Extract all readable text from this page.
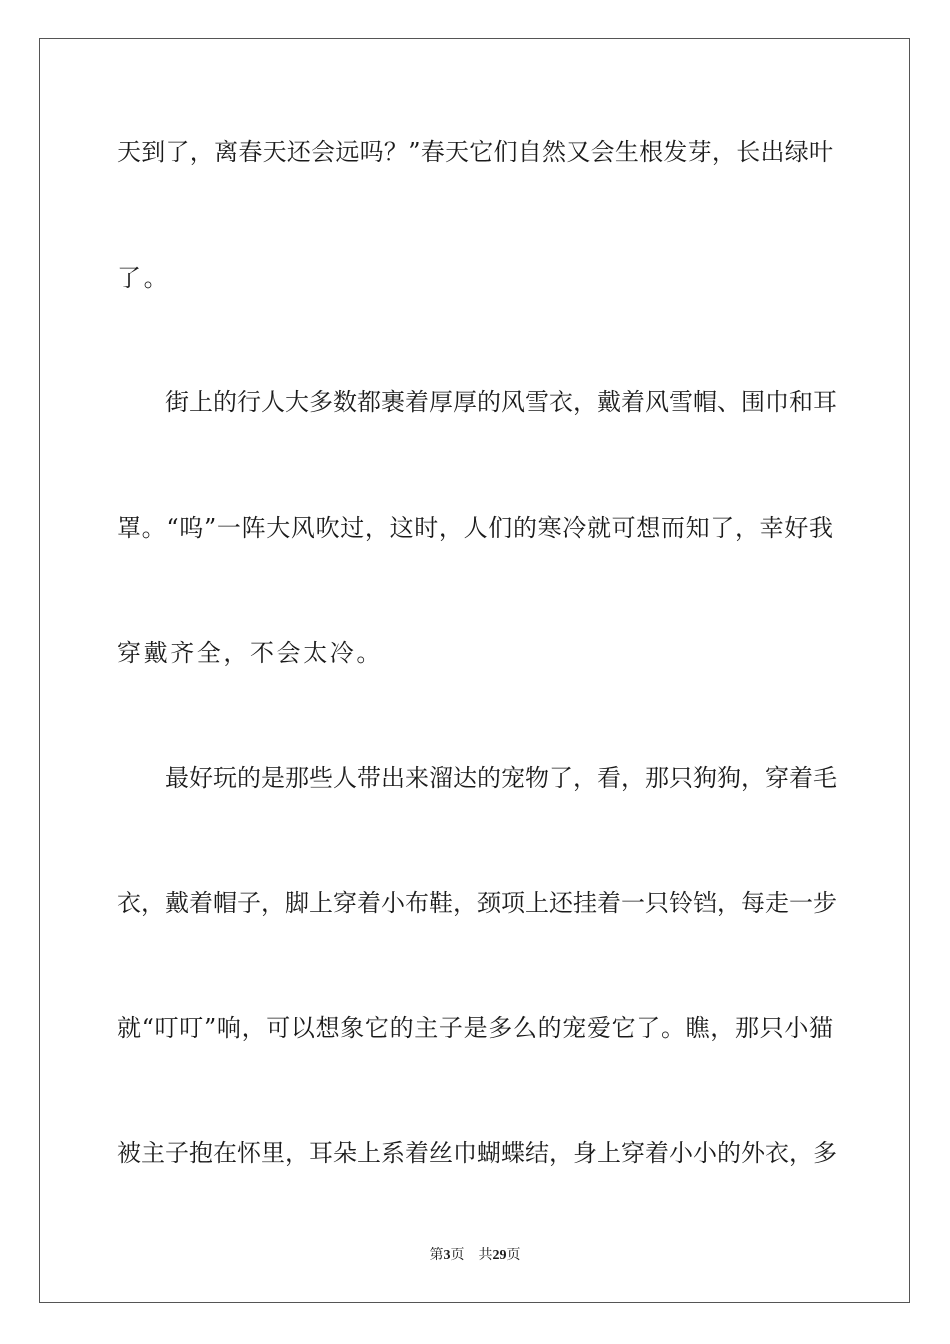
天到了，离春天还会远吗？”春天它们自然又会生根发芽，长出绿叶
了。
街上的行人大多数都裹着厚厚的风雪衣，戴着风雪帽、围巾和耳
罩。“呜”一阵大风吹过，这时，人们的寒冷就可想而知了，幸好我
穿戴齐全，不会太冷。
最好玩的是那些人带出来溜达的宠物了，看，那只狗狗，穿着毛
衣，戴着帽子，脚上穿着小布鞋，颈项上还挂着一只铃铛，每走一步
就“叮叮”响，可以想象它的主子是多么的宠爱它了。瞧，那只小猫
被主子抱在怀里，耳朵上系着丝巾蝴蝶结，身上穿着小小的外衣，多
第3页 共29页
